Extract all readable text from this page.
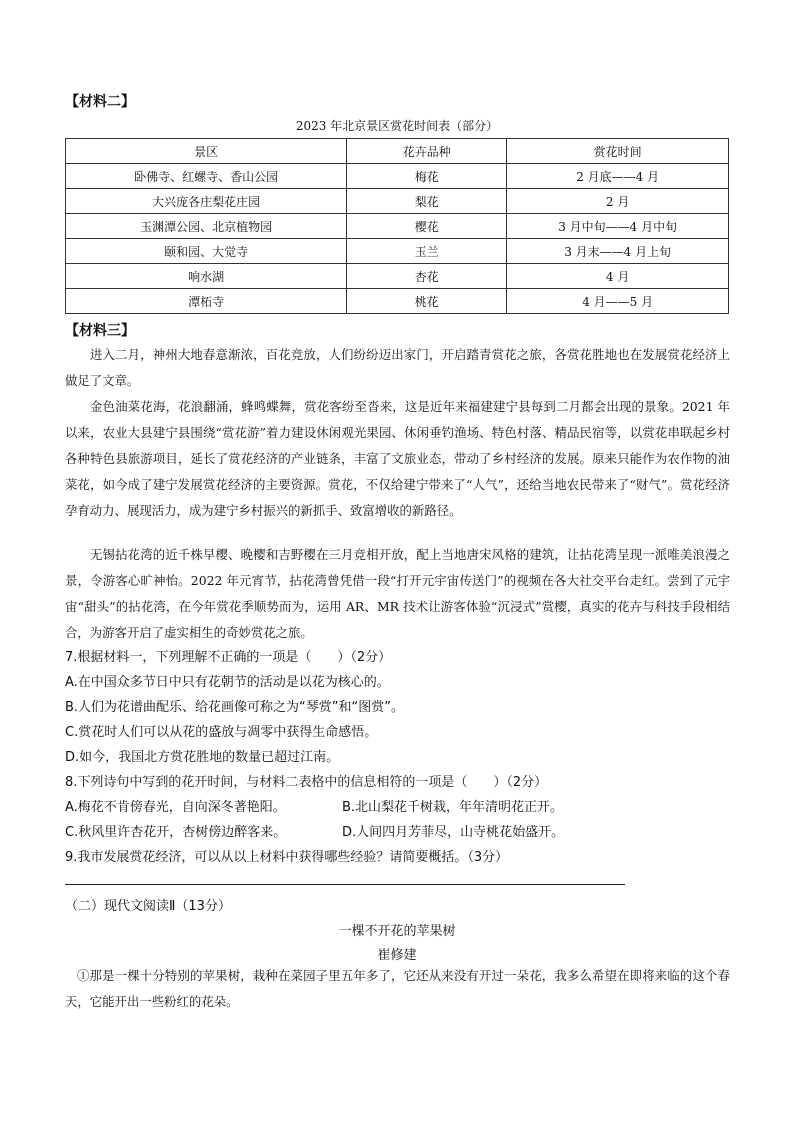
【材料二】
2023 年北京景区赏花时间表（部分）
景区	花卉品种	赏花时间
卧佛寺、红螺寺、香山公园	梅花	2 月底——4 月
大兴庞各庄梨花庄园	梨花	2 月
玉渊潭公园、北京植物园	樱花	3 月中旬——4 月中旬
颐和园、大觉寺	玉兰	3 月末——4 月上旬
响水湖	杏花	4 月
潭柘寺	桃花	4 月——5 月
【材料三】

进入二月，神州大地春意渐浓，百花竞放，人们纷纷迈出家门，开启踏青赏花之旅，各赏花胜地也在发展赏花经济上做足了文章。

金色油菜花海，花浪翻涌，蜂鸣蝶舞，赏花客纷至沓来，这是近年来福建建宁县每到二月都会出现的景象。2021 年以来，农业大县建宁县围绕“赏花游”着力建设休闲观光果园、休闲垂钓渔场、特色村落、精品民宿等，以赏花串联起乡村各种特色县旅游项目，延长了赏花经济的产业链条，丰富了文旅业态，带动了乡村经济的发展。原来只能作为农作物的油菜花，如今成了建宁发展赏花经济的主要资源。赏花，不仅给建宁带来了“人气”，还给当地农民带来了“财气”。赏花经济孕育动力、展现活力，成为建宁乡村振兴的新抓手、致富增收的新路径。

无锡拈花湾的近千株早樱、晚樱和吉野樱在三月竞相开放，配上当地唐宋风格的建筑，让拈花湾呈现一派唯美浪漫之景，令游客心旷神怡。2022 年元宵节，拈花湾曾凭借一段“打开元宇宙传送门”的视频在各大社交平台走红。尝到了元宇宙“甜头”的拈花湾，在今年赏花季顺势而为，运用 AR、MR 技术让游客体验“沉浸式”赏樱，真实的花卉与科技手段相结合，为游客开启了虚实相生的奇妙赏花之旅。

7.根据材料一，下列理解不正确的一项是（　　）（2分）
A.在中国众多节日中只有花朝节的活动是以花为核心的。
B.人们为花谱曲配乐、给花画像可称之为“琴赏”和“图赏”。
C.赏花时人们可以从花的盛放与凋零中获得生命感悟。
D.如今，我国北方赏花胜地的数量已超过江南。
8.下列诗句中写到的花开时间，与材料二表格中的信息相符的一项是（　　）（2分）
A.梅花不肯傍春光，自向深冬著艳阳。	B.北山梨花千树栽，年年清明花正开。
C.秋风里许杏花开，杏树傍边醉客来。	D.人间四月芳菲尽，山寺桃花始盛开。
9.我市发展赏花经济，可以从以上材料中获得哪些经验？请简要概括。（3分）
（二）现代文阅读Ⅱ（13分）
一棵不开花的苹果树
崔修建

①那是一棵十分特别的苹果树，栽种在菜园子里五年多了，它还从来没有开过一朵花，我多么希望在即将来临的这个春天，它能开出一些粉红的花朵。
